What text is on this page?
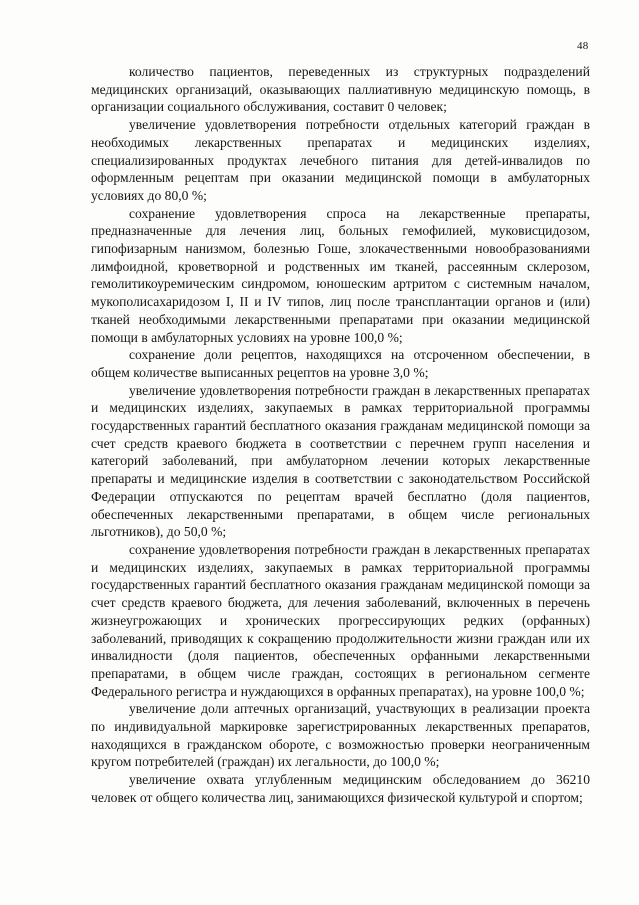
48

количество пациентов, переведенных из структурных подразделений медицинских организаций, оказывающих паллиативную медицинскую помощь, в организации социального обслуживания, составит 0 человек;

увеличение удовлетворения потребности отдельных категорий граждан в необходимых лекарственных препаратах и медицинских изделиях, специализированных продуктах лечебного питания для детей-инвалидов по оформленным рецептам при оказании медицинской помощи в амбулаторных условиях до 80,0 %;

сохранение удовлетворения спроса на лекарственные препараты, предназначенные для лечения лиц, больных гемофилией, муковисцидозом, гипофизарным нанизмом, болезнью Гоше, злокачественными новообразованиями лимфоидной, кроветворной и родственных им тканей, рассеянным склерозом, гемолитикоуремическим синдромом, юношеским артритом с системным началом, мукополисахаридозом I, II и IV типов, лиц после трансплантации органов и (или) тканей необходимыми лекарственными препаратами при оказании медицинской помощи в амбулаторных условиях на уровне 100,0 %;

сохранение доли рецептов, находящихся на отсроченном обеспечении, в общем количестве выписанных рецептов на уровне 3,0 %;

увеличение удовлетворения потребности граждан в лекарственных препаратах и медицинских изделиях, закупаемых в рамках территориальной программы государственных гарантий бесплатного оказания гражданам медицинской помощи за счет средств краевого бюджета в соответствии с перечнем групп населения и категорий заболеваний, при амбулаторном лечении которых лекарственные препараты и медицинские изделия в соответствии с законодательством Российской Федерации отпускаются по рецептам врачей бесплатно (доля пациентов, обеспеченных лекарственными препаратами, в общем числе региональных льготников), до 50,0 %;

сохранение удовлетворения потребности граждан в лекарственных препаратах и медицинских изделиях, закупаемых в рамках территориальной программы государственных гарантий бесплатного оказания гражданам медицинской помощи за счет средств краевого бюджета, для лечения заболеваний, включенных в перечень жизнеугрожающих и хронических прогрессирующих редких (орфанных) заболеваний, приводящих к сокращению продолжительности жизни граждан или их инвалидности (доля пациентов, обеспеченных орфанными лекарственными препаратами, в общем числе граждан, состоящих в региональном сегменте Федерального регистра и нуждающихся в орфанных препаратах), на уровне 100,0 %;

увеличение доли аптечных организаций, участвующих в реализации проекта по индивидуальной маркировке зарегистрированных лекарственных препаратов, находящихся в гражданском обороте, с возможностью проверки неограниченным кругом потребителей (граждан) их легальности, до 100,0 %;

увеличение охвата углубленным медицинским обследованием до 36210 человек от общего количества лиц, занимающихся физической культурой и спортом;
